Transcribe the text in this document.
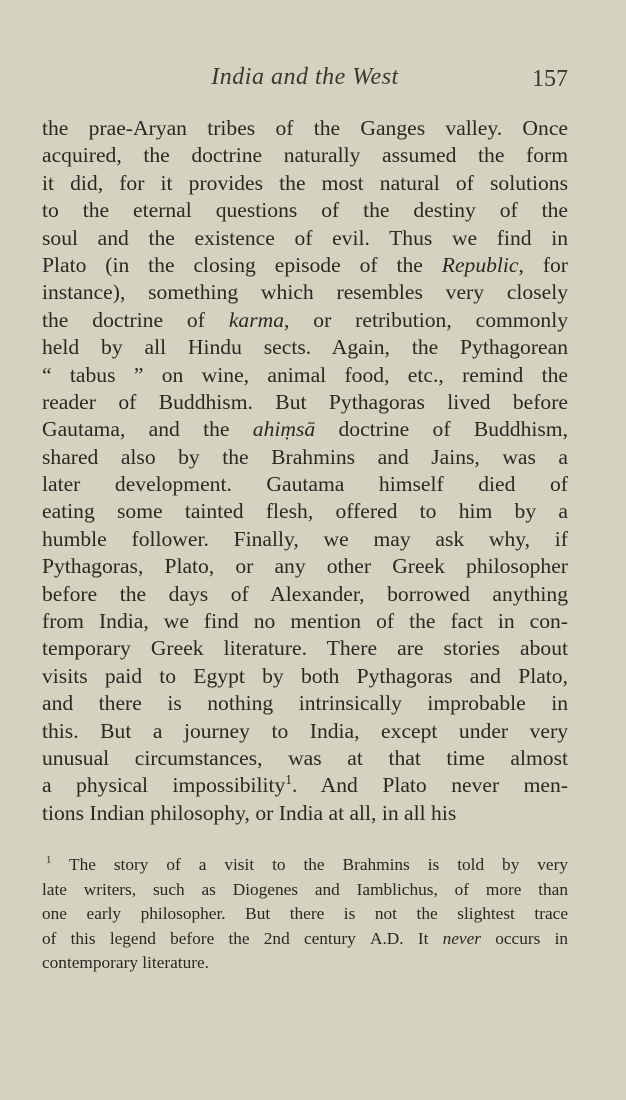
India and the West	157
the prae-Aryan tribes of the Ganges valley. Once
acquired, the doctrine naturally assumed the form
it did, for it provides the most natural of solutions
to the eternal questions of the destiny of the
soul and the existence of evil. Thus we find in
Plato (in the closing episode of the Republic, for
instance), something which resembles very closely
the doctrine of karma, or retribution, commonly
held by all Hindu sects. Again, the Pythagorean
“ tabus ” on wine, animal food, etc., remind the
reader of Buddhism. But Pythagoras lived before
Gautama, and the ahiṃsā doctrine of Buddhism,
shared also by the Brahmins and Jains, was a
later development. Gautama himself died of
eating some tainted flesh, offered to him by a
humble follower. Finally, we may ask why, if
Pythagoras, Plato, or any other Greek philosopher
before the days of Alexander, borrowed anything
from India, we find no mention of the fact in con-
temporary Greek literature. There are stories about
visits paid to Egypt by both Pythagoras and Plato,
and there is nothing intrinsically improbable in
this. But a journey to India, except under very
unusual circumstances, was at that time almost
a physical impossibility$^1$. And Plato never men-
tions Indian philosophy, or India at all, in all his
$^1$ The story of a visit to the Brahmins is told by very
late writers, such as Diogenes and Iamblichus, of more than
one early philosopher. But there is not the slightest trace
of this legend before the 2nd century A.D. It never occurs in
contemporary literature.
